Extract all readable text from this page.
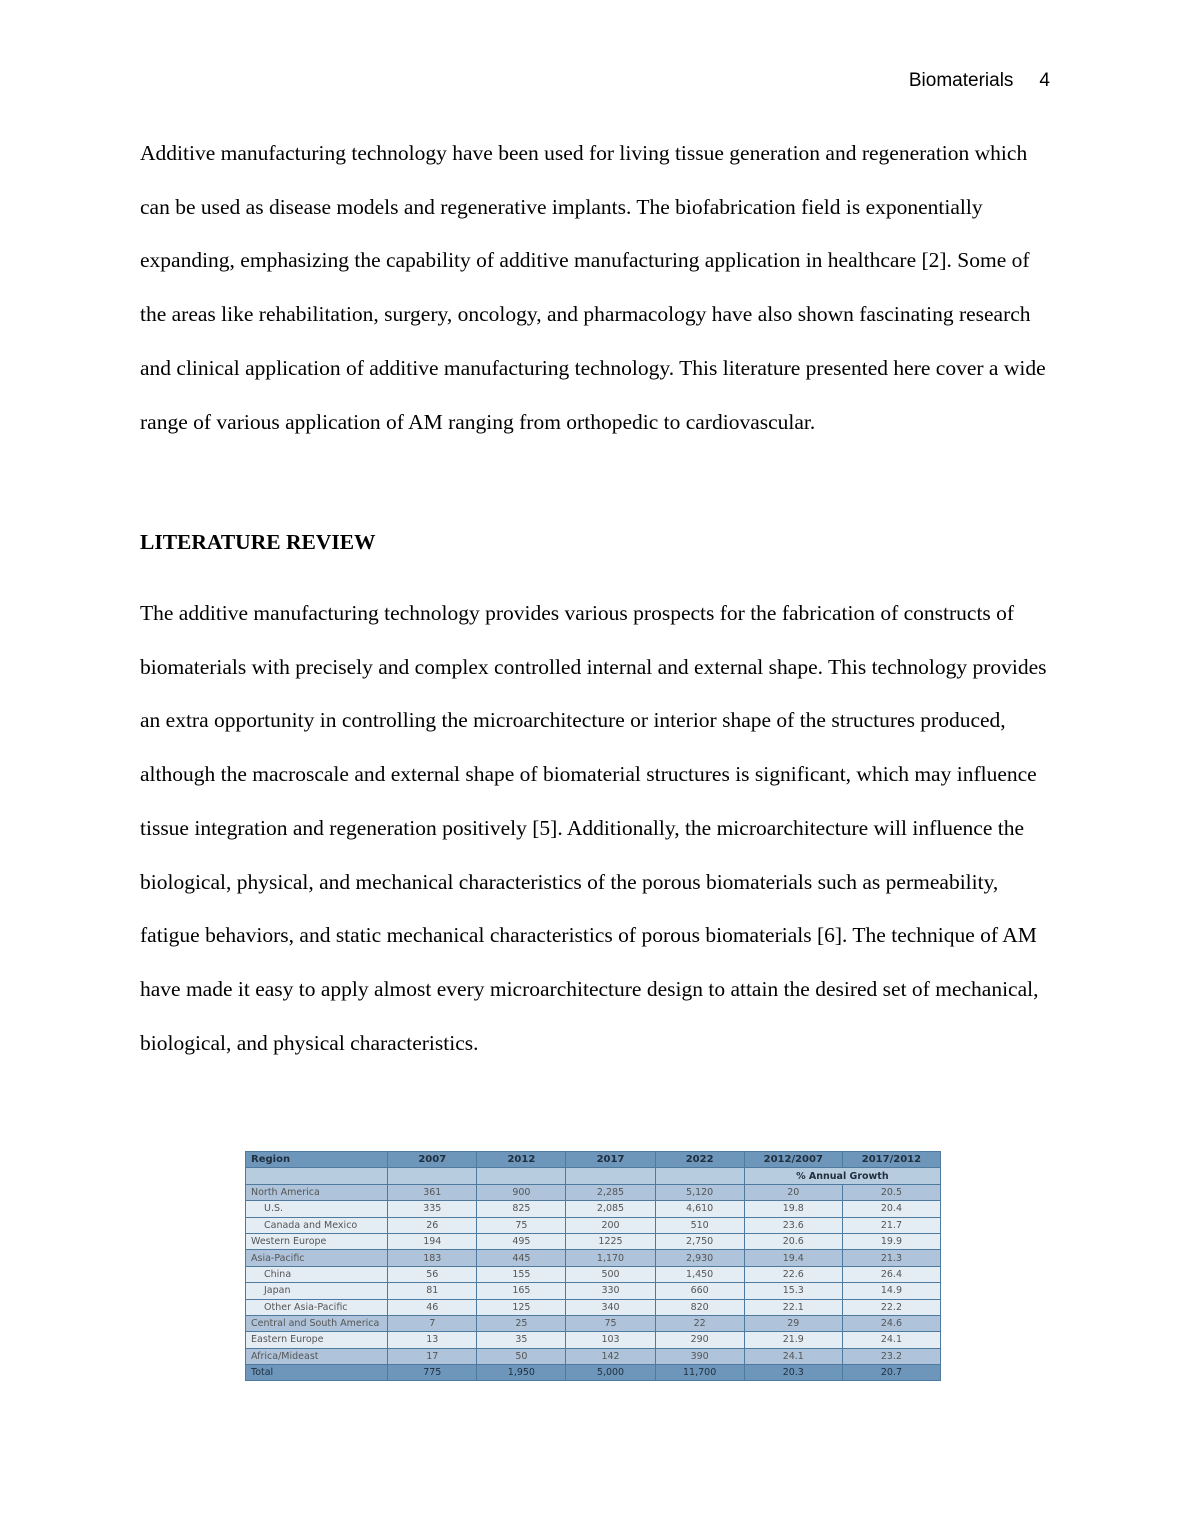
Biomaterials 4

Additive manufacturing technology have been used for living tissue generation and regeneration which can be used as disease models and regenerative implants. The biofabrication field is exponentially expanding, emphasizing the capability of additive manufacturing application in healthcare [2]. Some of the areas like rehabilitation, surgery, oncology, and pharmacology have also shown fascinating research and clinical application of additive manufacturing technology. This literature presented here cover a wide range of various application of AM ranging from orthopedic to cardiovascular.

LITERATURE REVIEW

The additive manufacturing technology provides various prospects for the fabrication of constructs of biomaterials with precisely and complex controlled internal and external shape. This technology provides an extra opportunity in controlling the microarchitecture or interior shape of the structures produced, although the macroscale and external shape of biomaterial structures is significant, which may influence tissue integration and regeneration positively [5]. Additionally, the microarchitecture will influence the biological, physical, and mechanical characteristics of the porous biomaterials such as permeability, fatigue behaviors, and static mechanical characteristics of porous biomaterials [6]. The technique of AM have made it easy to apply almost every microarchitecture design to attain the desired set of mechanical, biological, and physical characteristics.

Region	2007	2012	2017	2022	2012/2007	2017/2012
					% Annual Growth	
North America	361	900	2,285	5,120	20	20.5
U.S.	335	825	2,085	4,610	19.8	20.4
Canada and Mexico	26	75	200	510	23.6	21.7
Western Europe	194	495	1225	2,750	20.6	19.9
Asia-Pacific	183	445	1,170	2,930	19.4	21.3
China	56	155	500	1,450	22.6	26.4
Japan	81	165	330	660	15.3	14.9
Other Asia-Pacific	46	125	340	820	22.1	22.2
Central and South America	7	25	75	22	29	24.6
Eastern Europe	13	35	103	290	21.9	24.1
Africa/Mideast	17	50	142	390	24.1	23.2
Total	775	1,950	5,000	11,700	20.3	20.7
